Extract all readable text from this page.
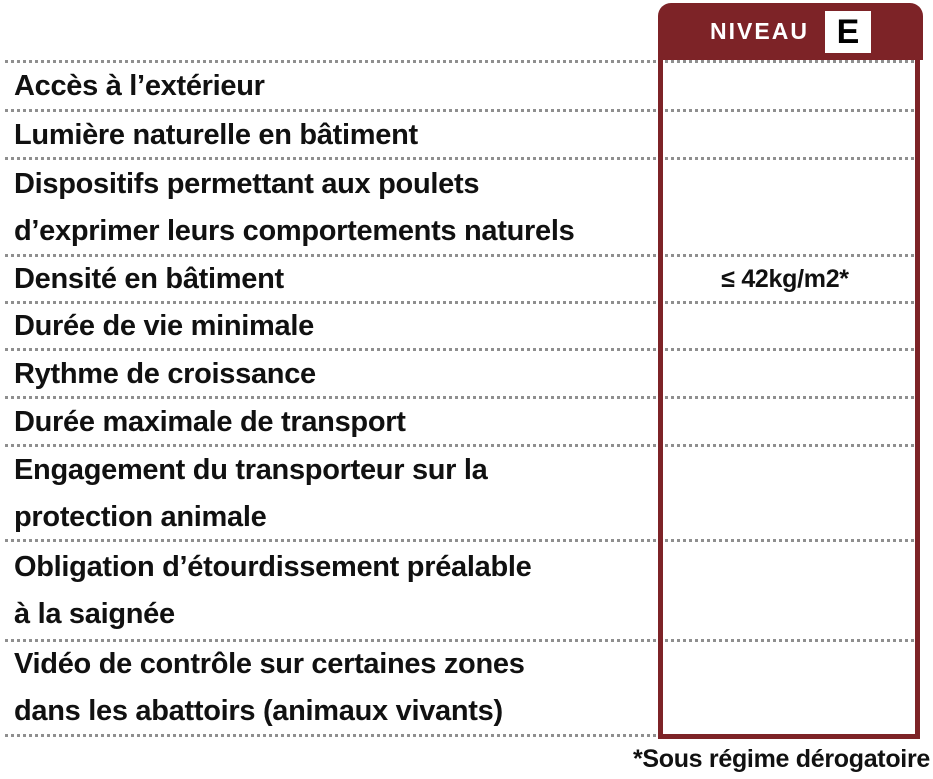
NIVEAU E
Accès à l’extérieur
Lumière naturelle en bâtiment
Dispositifs permettant aux poulets
d’exprimer leurs comportements naturels
Densité en bâtiment	≤ 42kg/m2*
Durée de vie minimale
Rythme de croissance
Durée maximale de transport
Engagement du transporteur sur la
protection animale
Obligation d’étourdissement préalable
à la saignée
Vidéo de contrôle sur certaines zones
dans les abattoirs (animaux vivants)
*Sous régime dérogatoire
